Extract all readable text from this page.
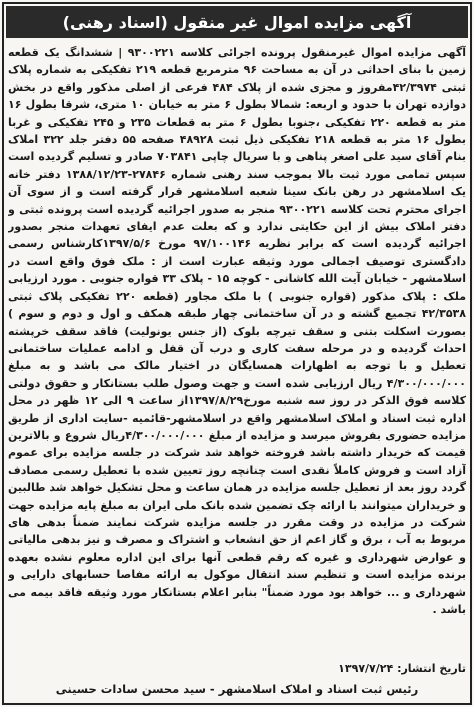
آگهی مزایده اموال غیر منقول (اسناد رهنی)

آگهی مزایده اموال غیرمنقول پرونده اجرائی کلاسه ۹۳۰۰۲۲۱ | ششدانگ یک قطعه زمین با بنای احداثی در آن به مساحت ۹۶ مترمربع قطعه ۲۱۹ تفکیکی به شماره پلاک ثبتی ۴۲/۳۹۷۴مفروز و مجزی شده از پلاک ۴۸۴ فرعی از اصلی مذکور واقع در بخش دوازده تهران با حدود و اربعه: شمالا بطول ۶ متر به خیابان ۱۰ متری، شرقا بطول ۱۶ متر به قطعه ۲۲۰ تفکیکی ،جنوبا بطول ۶ متر به قطعات ۲۳۵ و ۲۴۵ تفکیکی و غربا بطول ۱۶ متر به قطعه ۲۱۸ تفکیکی ذیل ثبت ۴۸۹۲۸ صفحه ۵۵ دفتر جلد ۳۲۲ املاک بنام آقای سید علی اصغر پناهی و با سریال چاپی ۷۰۳۸۴۱ صادر و تسلیم گردیده است سپس تمامی مورد ثبت بالا بموجب سند رهنی شماره ۲۷۸۴۶-۱۳۸۸/۱۲/۲۳ دفتر خانه یک اسلامشهر در رهن بانک سینا شعبه اسلامشهر قرار گرفته است و از سوی آن اجرای محترم تحت کلاسه ۹۳۰۰۲۲۱ منجر به صدور اجرائیه گردیده است پرونده ثبتی و دفتر املاک بیش از این حکایتی ندارد و که بعلت عدم ایفای تعهدات منجر بصدور اجرائیه گردیده است که برابر نظریه ۹۷/۱۰۰۱۴۶ مورخ ۱۳۹۷/۵/۶کارشناس رسمی دادگستری توصیف اجمالی مورد وثیقه عبارت است از : ملک فوق واقع است در اسلامشهر - خیابان آیت الله کاشانی - کوچه ۱۵ - پلاک ۳۳ قواره جنوبی . مورد ارزیابی ملک : پلاک مذکور (قواره جنوبی ) با ملک مجاور (قطعه ۲۲۰ تفکیکی پلاک ثبتی ۴۲/۳۵۳۸ تجمیع گشته و در آن ساختمانی چهار طبقه همکف و اول و دوم و سوم ) بصورت اسکلت بتنی و سقف تیرچه بلوک (از جنس یونولیت) فاقد سقف خرپشته احداث گردیده و در مرحله سفت کاری و درب آن قفل و ادامه عملیات ساختمانی تعطیل و با توجه به اظهارات همسایگان در اختیار مالک می باشد و به مبلغ ۴/۳۰۰/۰۰۰/۰۰۰ ریال ارزیابی شده است و جهت وصول طلب بستانکار و حقوق دولتی کلاسه فوق الذکر در روز سه شنبه مورخ۱۳۹۷/۸/۲۹از ساعت ۹ الی ۱۲ ظهر در محل اداره ثبت اسناد و املاک اسلامشهر واقع در اسلامشهر-قائمیه -سایت اداری از طریق مزایده حضوری بفروش میرسد و مزایده از مبلغ ۴/۳۰۰/۰۰۰/۰۰۰ریال شروع و بالاترین قیمت که خریدار داشته باشد فروخته خواهد شد شرکت در جلسه مزایده برای عموم آزاد است و فروش کاملاً نقدی است چنانچه روز تعیین شده با تعطیل رسمی مصادف گردد روز بعد از تعطیل جلسه مزایده در همان ساعت و محل تشکیل خواهد شد طالبین و خریداران میتوانند با ارائه چک تضمین شده بانک ملی ایران به مبلغ پایه مزایده جهت شرکت در مزایده در وقت مقرر در جلسه مزایده شرکت نمایند ضمناً بدهی های مربوط به آب ، برق و گاز اعم از حق انشعاب و اشتراک و مصرف و نیز بدهی مالیاتی و عوارض شهرداری و غیره که رقم قطعی آنها برای این اداره معلوم نشده بعهده برنده مزایده است و تنظیم سند انتقال موکول به ارائه مفاصا حسابهای دارایی و شهرداری و ... خواهد بود مورد ضمناً" بنابر اعلام بستانکار مورد وثیقه فاقد بیمه می باشد .

تاریخ انتشار: ۱۳۹۷/۷/۲۴
رئیس ثبت اسناد و املاک اسلامشهر - سید محسن سادات حسینی
